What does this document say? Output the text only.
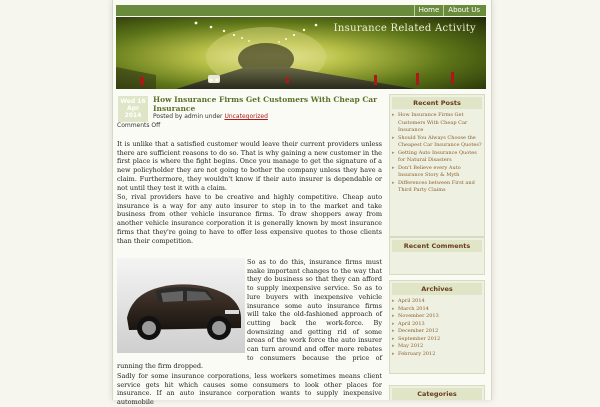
Home	About Us
Insurance Related Activity
Wed 16
Apr
2014
How Insurance Firms Get Customers With Cheap Car Insurance
Posted by admin under Uncategorized
Comments Off

It is unlike that a satisfied customer would leave their current providers unless there are sufficient reasons to do so. That is why gaining a new customer in the first place is where the fight begins. Once you manage to get the signature of a new policyholder they are not going to bother the company unless they have a claim. Furthermore, they wouldn't know if their auto insurer is dependable or not until they test it with a claim.

So, rival providers have to be creative and highly competitive. Cheap auto insurance is a way for any auto insurer to step in to the market and take business from other vehicle insurance firms. To draw shoppers away from another vehicle insurance corporation it is generally known by most insurance firms that they're going to have to offer less expensive quotes to those clients than their competition.

So as to do this, insurance firms must make important changes to the way that they do business so that they can afford to supply inexpensive service. So as to lure buyers with inexpensive vehicle insurance some auto insurance firms will take the old-fashioned approach of cutting back the work-force. By downsizing and getting rid of some areas of the work force the auto insurer can turn around and offer more rebates to consumers because the price of running the firm dropped.

Sadly for some insurance corporations, less workers sometimes means client service gets hit which causes some consumers to look other places for insurance. If an auto insurance corporation wants to supply inexpensive automobile

Recent Posts
▸ How Insurance Firms Get Customers With Cheap Car Insurance
▸ Should You Always Choose the Cheapest Car Insurance Quotes?
▸ Getting Auto Insurance Quotes for Natural Disasters
▸ Don't Believe every Auto Insurance Story & Myth
▸ Differences between First and Third Party Claims
Recent Comments
Archives
▸ April 2014
▸ March 2014
▸ November 2013
▸ April 2013
▸ December 2012
▸ September 2012
▸ May 2012
▸ February 2012
Categories
